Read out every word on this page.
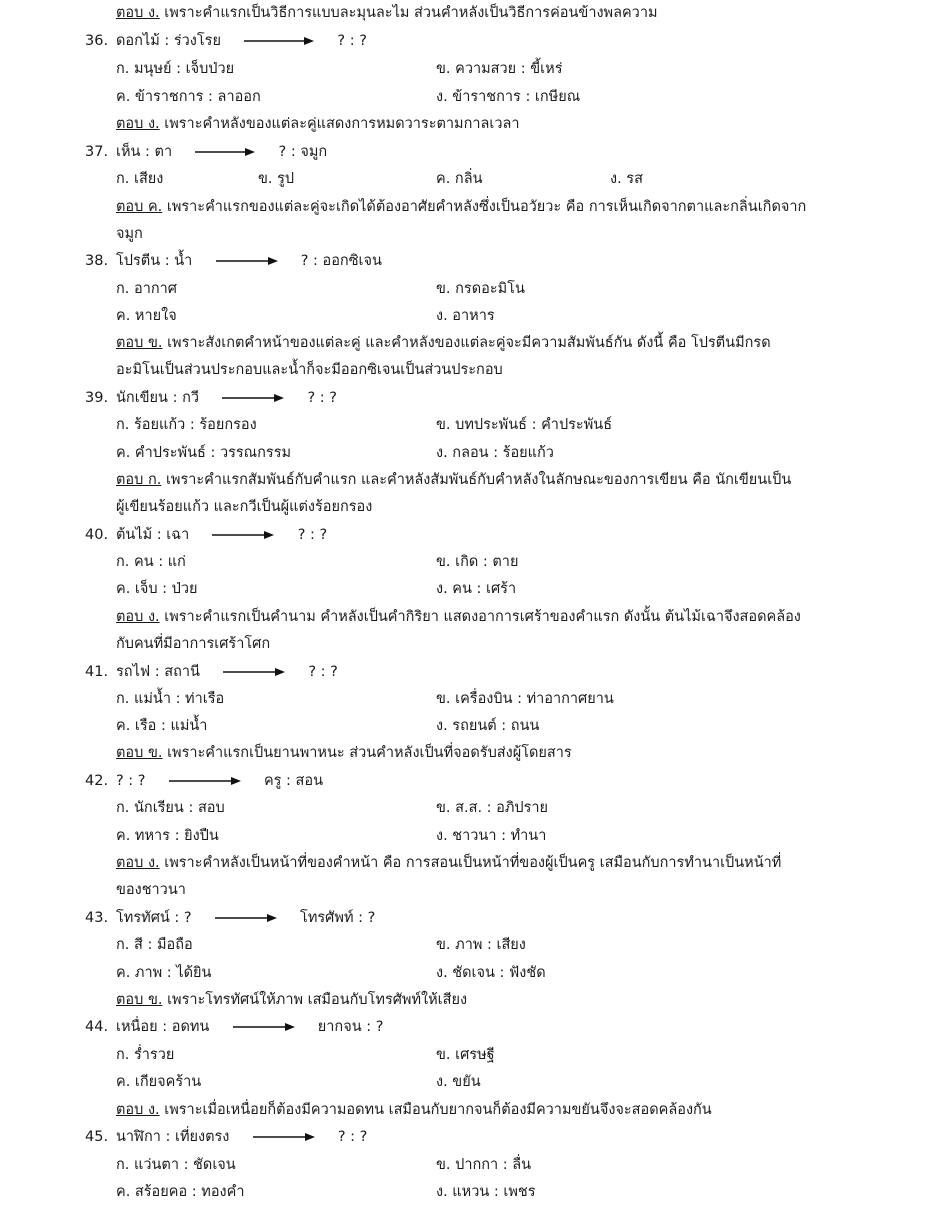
ตอบ ง. เพราะคำแรกเป็นวิธีการแบบละมุนละไม ส่วนคำหลังเป็นวิธีการค่อนข้างพลความ
36. ดอกไม้ : ร่วงโรย	? : ?
ก. มนุษย์ : เจ็บป่วย	ข. ความสวย : ขี้เหร่
ค. ข้าราชการ : ลาออก	ง. ข้าราชการ : เกษียณ
ตอบ ง. เพราะคำหลังของแต่ละคู่แสดงการหมดวาระตามกาลเวลา
37. เห็น : ตา	? : จมูก
ก. เสียง	ข. รูป	ค. กลิ่น	ง. รส
ตอบ ค. เพราะคำแรกของแต่ละคู่จะเกิดได้ต้องอาศัยคำหลังซึ่งเป็นอวัยวะ คือ การเห็นเกิดจากตาและกลิ่นเกิดจาก
จมูก
38. โปรตีน : น้ำ	? : ออกซิเจน
ก. อากาศ	ข. กรดอะมิโน
ค. หายใจ	ง. อาหาร
ตอบ ข. เพราะสังเกตคำหน้าของแต่ละคู่ และคำหลังของแต่ละคู่จะมีความสัมพันธ์กัน ดังนี้ คือ โปรตีนมีกรด
อะมิโนเป็นส่วนประกอบและน้ำก็จะมีออกซิเจนเป็นส่วนประกอบ
39. นักเขียน : กวี	? : ?
ก. ร้อยแก้ว : ร้อยกรอง	ข. บทประพันธ์ : คำประพันธ์
ค. คำประพันธ์ : วรรณกรรม	ง. กลอน : ร้อยแก้ว
ตอบ ก. เพราะคำแรกสัมพันธ์กับคำแรก และคำหลังสัมพันธ์กับคำหลังในลักษณะของการเขียน คือ นักเขียนเป็น
ผู้เขียนร้อยแก้ว และกวีเป็นผู้แต่งร้อยกรอง
40. ต้นไม้ : เฉา	? : ?
ก. คน : แก่	ข. เกิด : ตาย
ค. เจ็บ : ป่วย	ง. คน : เศร้า
ตอบ ง. เพราะคำแรกเป็นคำนาม คำหลังเป็นคำกิริยา แสดงอาการเศร้าของคำแรก ดังนั้น ต้นไม้เฉาจึงสอดคล้อง
กับคนที่มีอาการเศร้าโศก
41. รถไฟ : สถานี	? : ?
ก. แม่น้ำ : ท่าเรือ	ข. เครื่องบิน : ท่าอากาศยาน
ค. เรือ : แม่น้ำ	ง. รถยนต์ : ถนน
ตอบ ข. เพราะคำแรกเป็นยานพาหนะ ส่วนคำหลังเป็นที่จอดรับส่งผู้โดยสาร
42. ? : ?	ครู : สอน
ก. นักเรียน : สอบ	ข. ส.ส. : อภิปราย
ค. ทหาร : ยิงปืน	ง. ชาวนา : ทำนา
ตอบ ง. เพราะคำหลังเป็นหน้าที่ของคำหน้า คือ การสอนเป็นหน้าที่ของผู้เป็นครู เสมือนกับการทำนาเป็นหน้าที่
ของชาวนา
43. โทรทัศน์ : ?	โทรศัพท์ : ?
ก. สี : มือถือ	ข. ภาพ : เสียง
ค. ภาพ : ได้ยิน	ง. ชัดเจน : ฟังชัด
ตอบ ข. เพราะโทรทัศน์ให้ภาพ เสมือนกับโทรศัพท์ให้เสียง
44. เหนื่อย : อดทน	ยากจน : ?
ก. ร่ำรวย	ข. เศรษฐี
ค. เกียจคร้าน	ง. ขยัน
ตอบ ง. เพราะเมื่อเหนื่อยก็ต้องมีความอดทน เสมือนกับยากจนก็ต้องมีความขยันจึงจะสอดคล้องกัน
45. นาฬิกา : เที่ยงตรง	? : ?
ก. แว่นตา : ชัดเจน	ข. ปากกา : ลื่น
ค. สร้อยคอ : ทองคำ	ง. แหวน : เพชร
